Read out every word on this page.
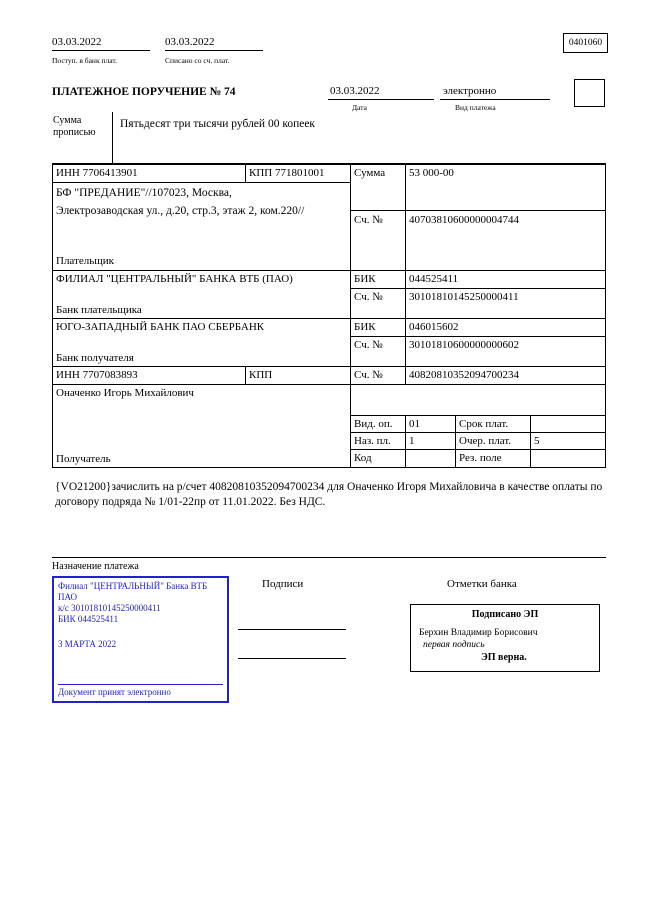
03.03.2022
Поступ. в банк плат.
03.03.2022
Списано со сч. плат.
0401060
ПЛАТЕЖНОЕ ПОРУЧЕНИЕ № 74	03.03.2022
Дата
электронно
Вид платежа
Сумма прописью
Пятьдесят три тысячи рублей 00 копеек
ИНН 7706413901	КПП 771801001	Сумма 53 000-00
БФ "ПРЕДАНИЕ"//107023, Москва, Электрозаводская ул., д.20, стр.3, этаж 2, ком.220//
Сч. № 40703810600000004744
Плательщик
ФИЛИАЛ "ЦЕНТРАЛЬНЫЙ" БАНКА ВТБ (ПАО)	БИК	044525411
Сч. № 30101810145250000411
Банк плательщика
ЮГО-ЗАПАДНЫЙ БАНК ПАО СБЕРБАНК	БИК	046015602
Сч. № 30101810600000000602
Банк получателя
ИНН 7707083893	КПП	Сч. № 40820810352094700234
Оначенко Игорь Михайлович
Вид. оп. 01	Срок плат.
Наз. пл. 1	Очер. плат. 5
Код	Рез. поле
Получатель
{VO21200}зачислить на р/счет 40820810352094700234 для Оначенко Игоря Михайловича в качестве оплаты по договору подряда № 1/01-22пр от 11.01.2022. Без НДС.
Назначение платежа
Филиал "ЦЕНТРАЛЬНЫЙ" Банка ВТБ ПАО
к/с 30101810145250000411
БИК 044525411
3 МАРТА 2022
Документ принят электронно
Подписи	Отметки банка
Подписано ЭП
Берхин Владимир Борисович
первая подпись
ЭП верна.
